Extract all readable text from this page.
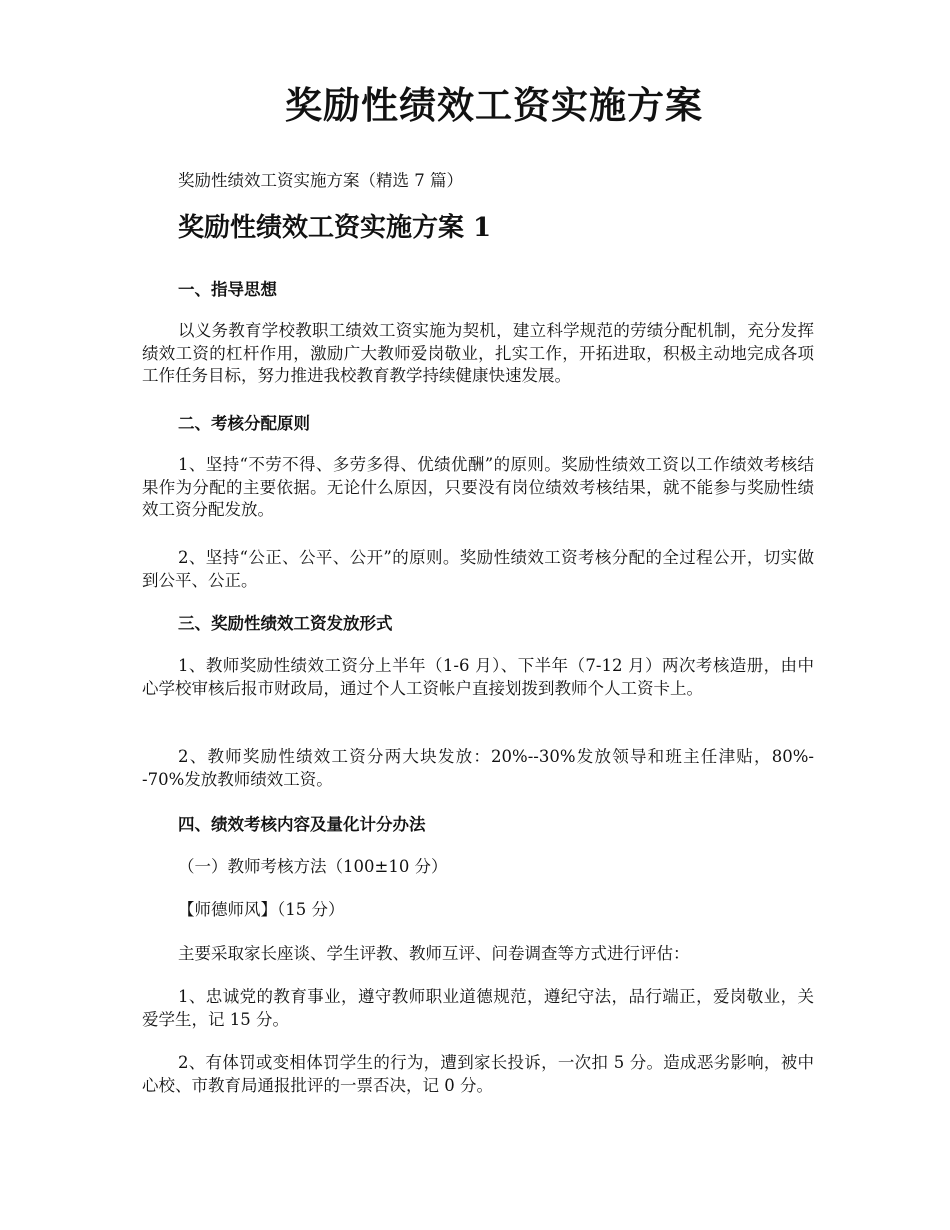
奖励性绩效工资实施方案

奖励性绩效工资实施方案（精选 7 篇）

奖励性绩效工资实施方案 1
一、指导思想

以义务教育学校教职工绩效工资实施为契机，建立科学规范的劳绩分配机制，充分发挥绩效工资的杠杆作用，激励广大教师爱岗敬业，扎实工作，开拓进取，积极主动地完成各项工作任务目标，努力推进我校教育教学持续健康快速发展。

二、考核分配原则

1、坚持“不劳不得、多劳多得、优绩优酬”的原则。奖励性绩效工资以工作绩效考核结果作为分配的主要依据。无论什么原因，只要没有岗位绩效考核结果，就不能参与奖励性绩效工资分配发放。

2、坚持“公正、公平、公开”的原则。奖励性绩效工资考核分配的全过程公开，切实做到公平、公正。

三、奖励性绩效工资发放形式

1、教师奖励性绩效工资分上半年（1-6 月）、下半年（7-12 月）两次考核造册，由中心学校审核后报市财政局，通过个人工资帐户直接划拨到教师个人工资卡上。

2、教师奖励性绩效工资分两大块发放：20%--30%发放领导和班主任津贴，80%--70%发放教师绩效工资。

四、绩效考核内容及量化计分办法

（一）教师考核方法（100±10 分）

【师德师风】（15 分）

主要采取家长座谈、学生评教、教师互评、问卷调查等方式进行评估：

1、忠诚党的教育事业，遵守教师职业道德规范，遵纪守法，品行端正，爱岗敬业，关爱学生，记 15 分。

2、有体罚或变相体罚学生的行为，遭到家长投诉，一次扣 5 分。造成恶劣影响，被中心校、市教育局通报批评的一票否决，记 0 分。
